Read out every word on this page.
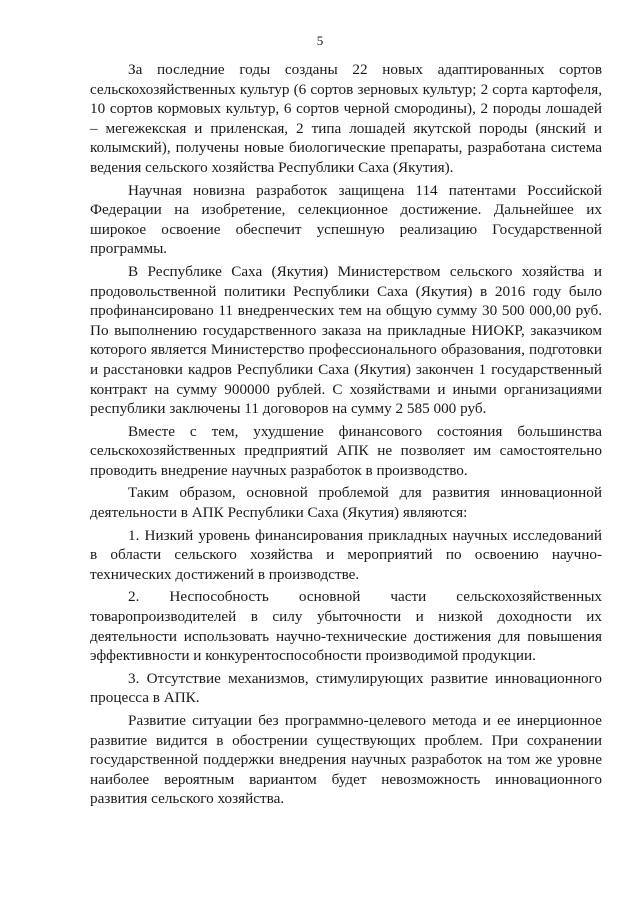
5

За последние годы созданы 22 новых адаптированных сортов сельскохозяйственных культур (6 сортов зерновых культур; 2 сорта картофеля, 10 сортов кормовых культур, 6 сортов черной смородины), 2 породы лошадей – мегежекская и приленская, 2 типа лошадей якутской породы (янский и колымский), получены новые биологические препараты, разработана система ведения сельского хозяйства Республики Саха (Якутия).

Научная новизна разработок защищена 114 патентами Российской Федерации на изобретение, селекционное достижение. Дальнейшее их широкое освоение обеспечит успешную реализацию Государственной программы.

В Республике Саха (Якутия) Министерством сельского хозяйства и продовольственной политики Республики Саха (Якутия) в 2016 году было профинансировано 11 внедренческих тем на общую сумму 30 500 000,00 руб. По выполнению государственного заказа на прикладные НИОКР, заказчиком которого является Министерство профессионального образования, подготовки и расстановки кадров Республики Саха (Якутия) закончен 1 государственный контракт на сумму 900000 рублей. С хозяйствами и иными организациями республики заключены 11 договоров на сумму 2 585 000 руб.

Вместе с тем, ухудшение финансового состояния большинства сельскохозяйственных предприятий АПК не позволяет им самостоятельно проводить внедрение научных разработок в производство.

Таким образом, основной проблемой для развития инновационной деятельности в АПК Республики Саха (Якутия) являются:

1. Низкий уровень финансирования прикладных научных исследований в области сельского хозяйства и мероприятий по освоению научно-технических достижений в производстве.

2. Неспособность основной части сельскохозяйственных товаропроизводителей в силу убыточности и низкой доходности их деятельности использовать научно-технические достижения для повышения эффективности и конкурентоспособности производимой продукции.

3. Отсутствие механизмов, стимулирующих развитие инновационного процесса в АПК.

Развитие ситуации без программно-целевого метода и ее инерционное развитие видится в обострении существующих проблем. При сохранении государственной поддержки внедрения научных разработок на том же уровне наиболее вероятным вариантом будет невозможность инновационного развития сельского хозяйства.
